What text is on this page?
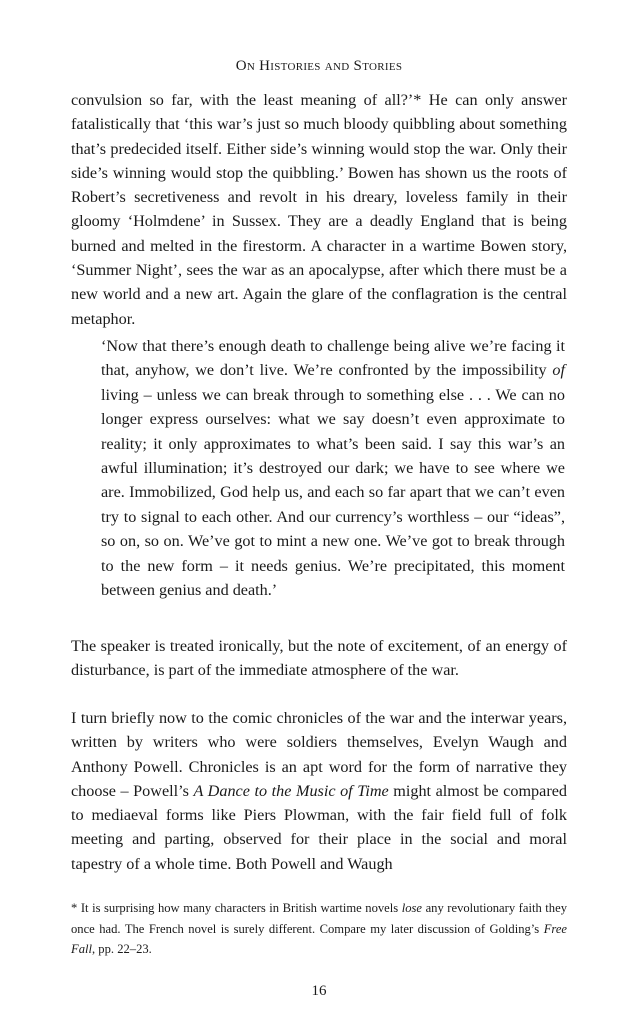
On Histories and Stories

convulsion so far, with the least meaning of all?’* He can only answer fatalistically that ‘this war’s just so much bloody quibbling about something that’s predecided itself. Either side’s winning would stop the war. Only their side’s winning would stop the quibbling.’ Bowen has shown us the roots of Robert’s secretiveness and revolt in his dreary, loveless family in their gloomy ‘Holmdene’ in Sussex. They are a deadly England that is being burned and melted in the firestorm. A character in a wartime Bowen story, ‘Summer Night’, sees the war as an apocalypse, after which there must be a new world and a new art. Again the glare of the conflagration is the central metaphor.

‘Now that there’s enough death to challenge being alive we’re facing it that, anyhow, we don’t live. We’re confronted by the impossibility of living – unless we can break through to something else . . . We can no longer express ourselves: what we say doesn’t even approximate to reality; it only approximates to what’s been said. I say this war’s an awful illumination; it’s destroyed our dark; we have to see where we are. Immobilized, God help us, and each so far apart that we can’t even try to signal to each other. And our currency’s worthless – our “ideas”, so on, so on. We’ve got to mint a new one. We’ve got to break through to the new form – it needs genius. We’re precipitated, this moment between genius and death.’

The speaker is treated ironically, but the note of excitement, of an energy of disturbance, is part of the immediate atmosphere of the war.

I turn briefly now to the comic chronicles of the war and the interwar years, written by writers who were soldiers themselves, Evelyn Waugh and Anthony Powell. Chronicles is an apt word for the form of narrative they choose – Powell’s A Dance to the Music of Time might almost be compared to mediaeval forms like Piers Plowman, with the fair field full of folk meeting and parting, observed for their place in the social and moral tapestry of a whole time. Both Powell and Waugh

* It is surprising how many characters in British wartime novels lose any revolutionary faith they once had. The French novel is surely different. Compare my later discussion of Golding’s Free Fall, pp. 22–23.

16
